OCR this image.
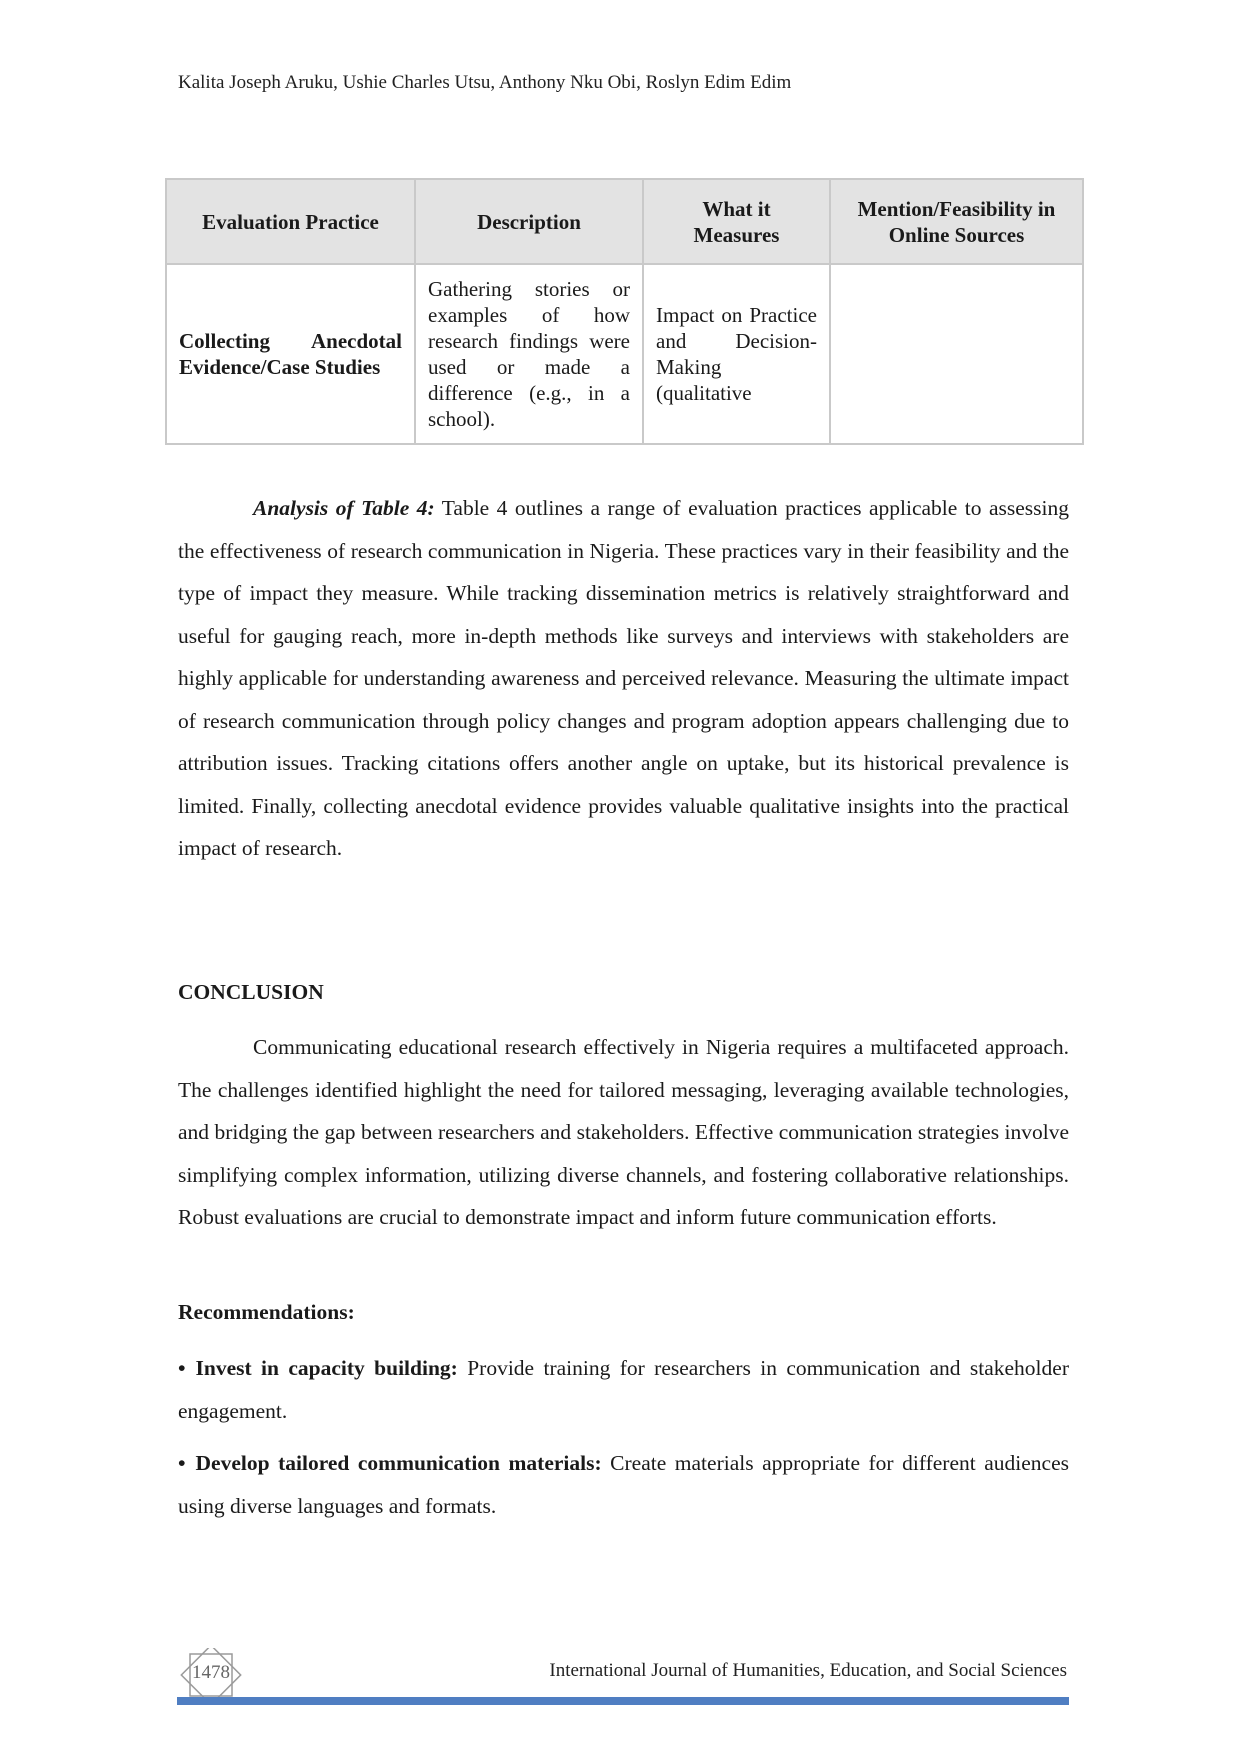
Kalita Joseph Aruku, Ushie Charles Utsu, Anthony Nku Obi, Roslyn Edim Edim
Evaluation Practice	Description	What it Measures	Mention/Feasibility in Online Sources
Collecting Anecdotal Evidence/Case Studies	Gathering stories or examples of how research findings were used or made a difference (e.g., in a school).	Impact on Practice and Decision-Making (qualitative	

Analysis of Table 4: Table 4 outlines a range of evaluation practices applicable to assessing the effectiveness of research communication in Nigeria. These practices vary in their feasibility and the type of impact they measure. While tracking dissemination metrics is relatively straightforward and useful for gauging reach, more in-depth methods like surveys and interviews with stakeholders are highly applicable for understanding awareness and perceived relevance. Measuring the ultimate impact of research communication through policy changes and program adoption appears challenging due to attribution issues. Tracking citations offers another angle on uptake, but its historical prevalence is limited. Finally, collecting anecdotal evidence provides valuable qualitative insights into the practical impact of research.

CONCLUSION

Communicating educational research effectively in Nigeria requires a multifaceted approach. The challenges identified highlight the need for tailored messaging, leveraging available technologies, and bridging the gap between researchers and stakeholders. Effective communication strategies involve simplifying complex information, utilizing diverse channels, and fostering collaborative relationships. Robust evaluations are crucial to demonstrate impact and inform future communication efforts.

Recommendations:

• Invest in capacity building: Provide training for researchers in communication and stakeholder engagement.

• Develop tailored communication materials: Create materials appropriate for different audiences using diverse languages and formats.

1478	International Journal of Humanities, Education, and Social Sciences
